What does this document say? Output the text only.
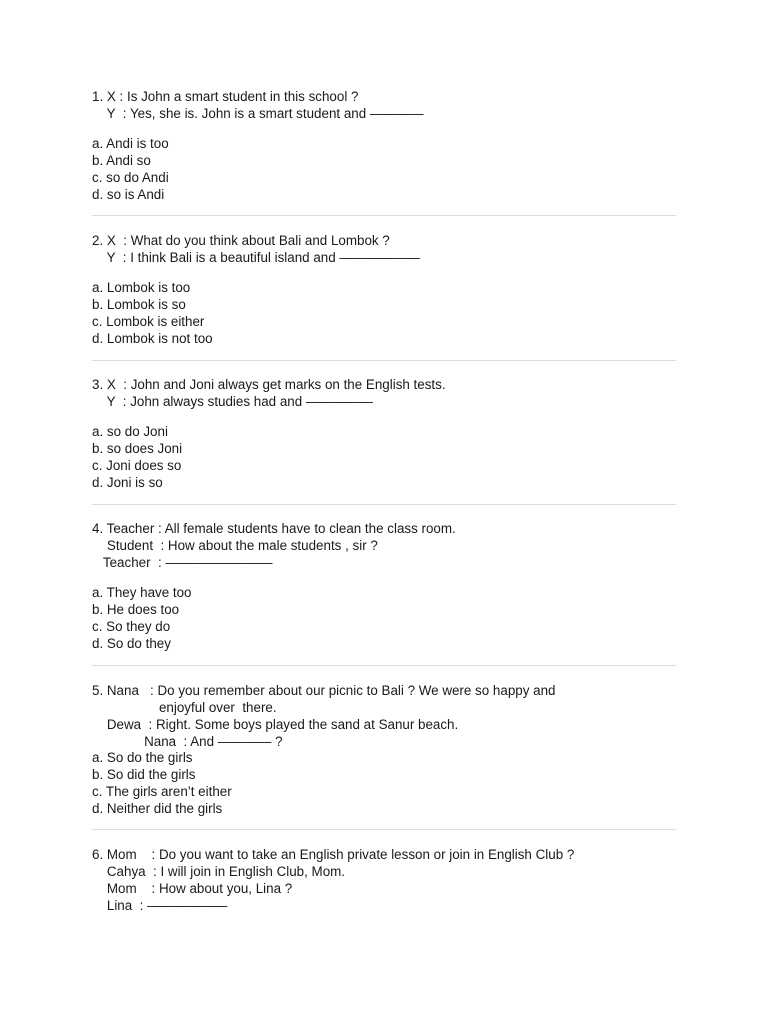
1. X : Is John a smart student in this school ?
Y  : Yes, she is. John is a smart student and ————
a. Andi is too
b. Andi so
c. so do Andi
d. so is Andi
2. X  : What do you think about Bali and Lombok ?
Y  : I think Bali is a beautiful island and ——————
a. Lombok is too
b. Lombok is so
c. Lombok is either
d. Lombok is not too
3. X  : John and Joni always get marks on the English tests.
Y  : John always studies had and —————
a. so do Joni
b. so does Joni
c. Joni does so
d. Joni is so
4. Teacher : All female students have to clean the class room.
Student  : How about the male students , sir ?
Teacher  : ————————
a. They have too
b. He does too
c. So they do
d. So do they
5. Nana   : Do you remember about our picnic to Bali ? We were so happy and
enjoyful over  there.
Dewa  : Right. Some boys played the sand at Sanur beach.
Nana  : And ———— ?
a. So do the girls
b. So did the girls
c. The girls aren’t either
d. Neither did the girls
6. Mom    : Do you want to take an English private lesson or join in English Club ?
Cahya  : I will join in English Club, Mom.
Mom    : How about you, Lina ?
Lina  : ——————
